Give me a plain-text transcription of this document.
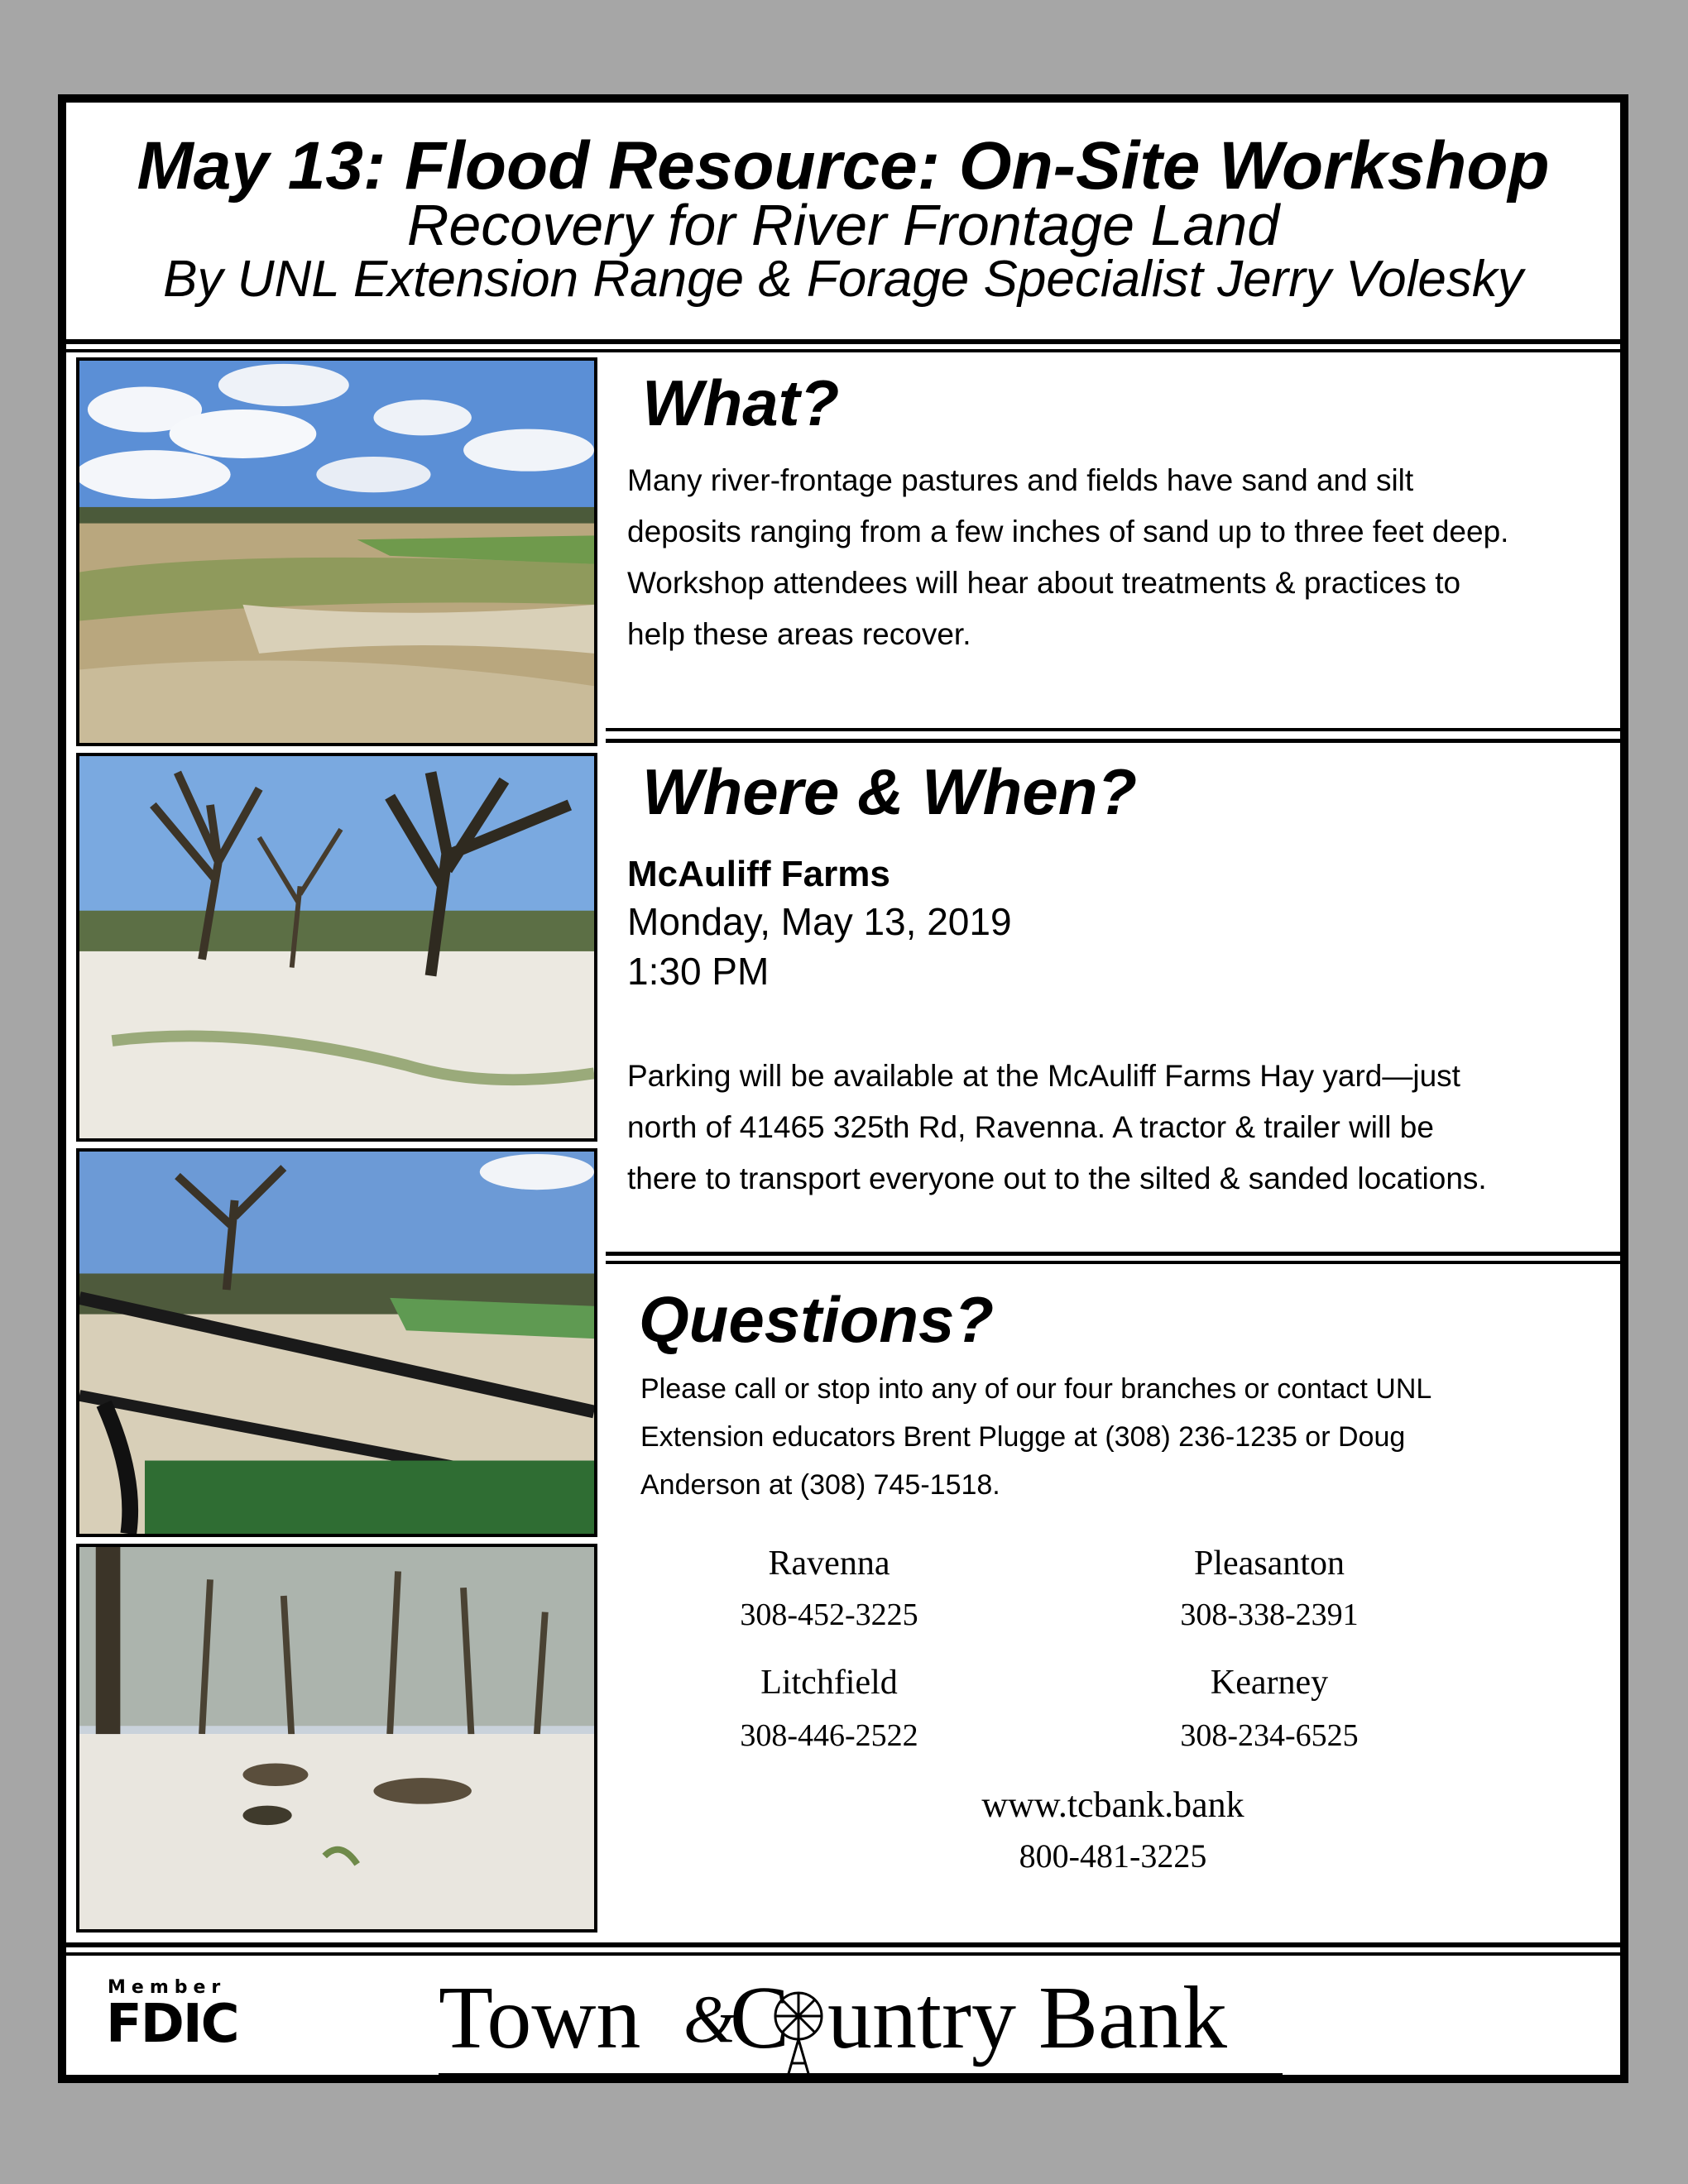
May 13: Flood Resource: On-Site Workshop
Recovery for River Frontage Land
By UNL Extension Range & Forage Specialist Jerry Volesky
What?
Many river-frontage pastures and fields have sand and silt
deposits ranging from a few inches of sand up to three feet deep.
Workshop attendees will hear about treatments & practices to
help these areas recover.
Where & When?
McAuliff Farms
Monday, May 13, 2019
1:30 PM
Parking will be available at the McAuliff Farms Hay yard—just
north of 41465 325th Rd, Ravenna. A tractor & trailer will be
there to transport everyone out to the silted & sanded locations.
Questions?
Please call or stop into any of our four branches or contact UNL
Extension educators Brent Plugge at (308) 236-1235 or Doug
Anderson at (308) 745-1518.
Ravenna
308-452-3225
Pleasanton
308-338-2391
Litchfield
308-446-2522
Kearney
308-234-6525
www.tcbank.bank
800-481-3225
Member
FDIC Town &
C untry Bank
